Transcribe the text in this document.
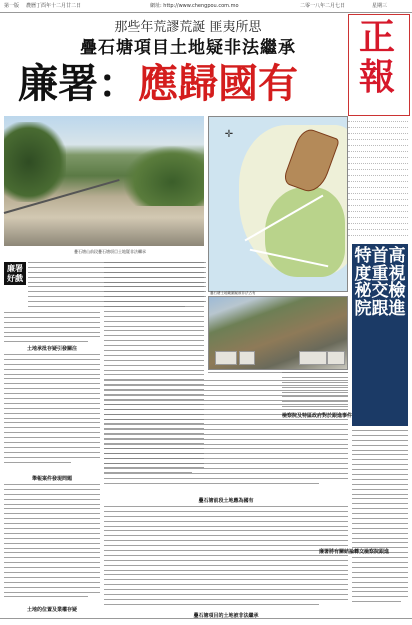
第一版 農曆丁酉年十二月廿二日	網址: http://www.chengpou.com.mo	二零一八年二月七日	星期三
那些年荒謬荒誕 匪夷所思
疊石塘項目土地疑非法繼承
廉署：應歸國有
正報
疊石塘山前段疊石塘項目土地疑非法繼承
✛
疊石塘土地範圍疑被非法占有
特首高度重視秘交檢院跟進
廉署好戲
土地承批存疑引發關注
舉報案件發現問題
疊石塘前段土地應為國有
土地的位置及業權存疑
疊石塘項目的土地被非法繼承
檢察院及特區政府對於跟進事件
廉署將有關結論轉交檢察院跟進
